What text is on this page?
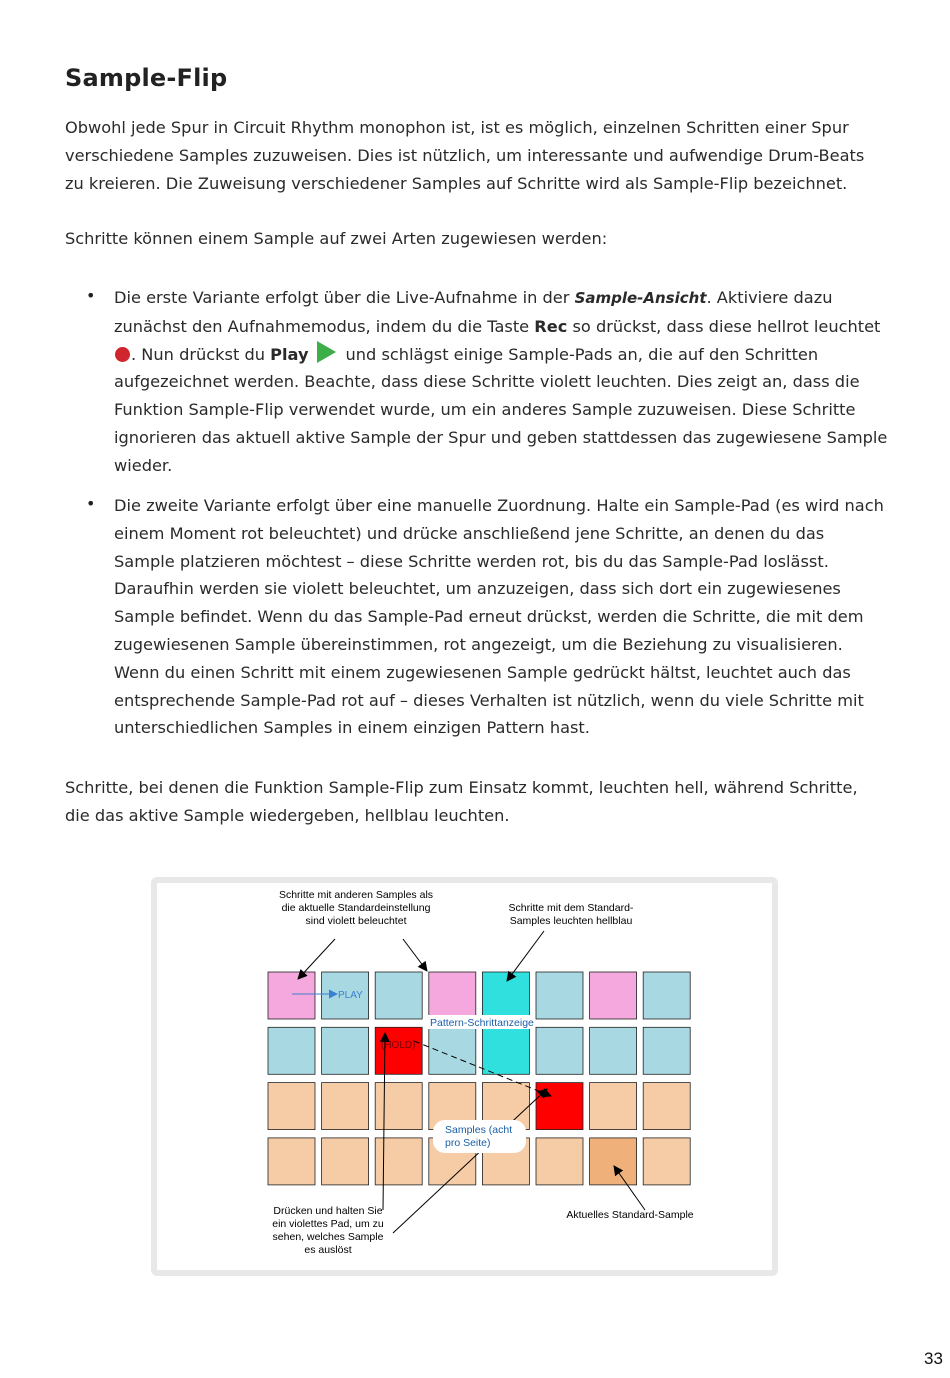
Sample-Flip

Obwohl jede Spur in Circuit Rhythm monophon ist, ist es möglich, einzelnen Schritten einer Spur verschiedene Samples zuzuweisen. Dies ist nützlich, um interessante und aufwendige Drum-Beats zu kreieren. Die Zuweisung verschiedener Samples auf Schritte wird als Sample-Flip bezeichnet.

Schritte können einem Sample auf zwei Arten zugewiesen werden:

• Die erste Variante erfolgt über die Live-Aufnahme in der Sample-Ansicht. Aktiviere dazu zunächst den Aufnahmemodus, indem du die Taste Rec so drückst, dass diese hellrot leuchtet . Nun drückst du Play und schlägst einige Sample-Pads an, die auf den Schritten aufgezeichnet werden. Beachte, dass diese Schritte violett leuchten. Dies zeigt an, dass die Funktion Sample-Flip verwendet wurde, um ein anderes Sample zuzuweisen. Diese Schritte ignorieren das aktuell aktive Sample der Spur und geben stattdessen das zugewiesene Sample wieder.

• Die zweite Variante erfolgt über eine manuelle Zuordnung. Halte ein Sample-Pad (es wird nach einem Moment rot beleuchtet) und drücke anschließend jene Schritte, an denen du das Sample platzieren möchtest – diese Schritte werden rot, bis du das Sample-Pad loslässt. Daraufhin werden sie violett beleuchtet, um anzuzeigen, dass sich dort ein zugewiesenes Sample befindet. Wenn du das Sample-Pad erneut drückst, werden die Schritte, die mit dem zugewiesenen Sample übereinstimmen, rot angezeigt, um die Beziehung zu visualisieren. Wenn du einen Schritt mit einem zugewiesenen Sample gedrückt hältst, leuchtet auch das entsprechende Sample-Pad rot auf – dieses Verhalten ist nützlich, wenn du viele Schritte mit unterschiedlichen Samples in einem einzigen Pattern hast.

Schritte, bei denen die Funktion Sample-Flip zum Einsatz kommt, leuchten hell, während Schritte, die das aktive Sample wiedergeben, hellblau leuchten.

Schritte mit anderen Samples als
die aktuelle Standardeinstellung
sind violett beleuchtet
Schritte mit dem Standard-
Samples leuchten hellblau
Drücken und halten Sie
ein violettes Pad, um zu
sehen, welches Sample
es auslöst
Aktuelles Standard-Sample
PLAY
Pattern-Schrittanzeige
(HOLD)
Samples (acht
pro Seite)
33
